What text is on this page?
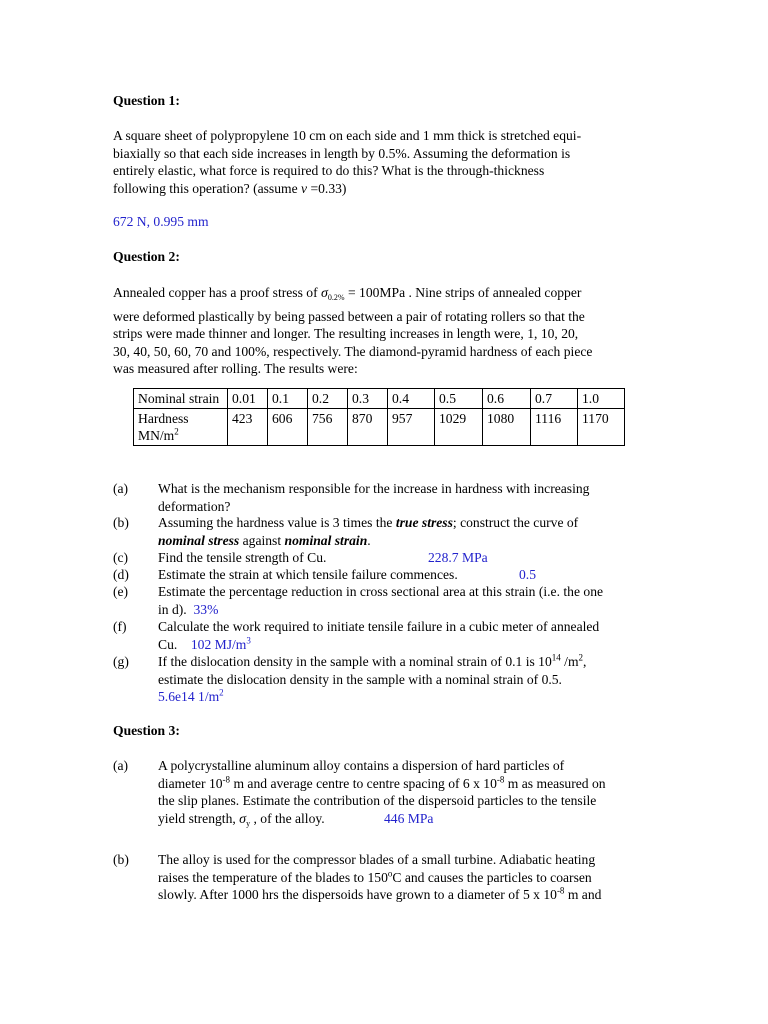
Question 1:
A square sheet of polypropylene 10 cm on each side and 1 mm thick is stretched equi-
biaxially so that each side increases in length by 0.5%. Assuming the deformation is
entirely elastic, what force is required to do this? What is the through-thickness
following this operation? (assume v =0.33)
672 N, 0.995 mm
Question 2:
Annealed copper has a proof stress of $\sigma_{0.2\%} = 100MPa$ . Nine strips of annealed copper
were deformed plastically by being passed between a pair of rotating rollers so that the
strips were made thinner and longer. The resulting increases in length were, 1, 10, 20,
30, 40, 50, 60, 70 and 100%, respectively. The diamond-pyramid hardness of each piece
was measured after rolling. The results were:
Nominal strain	0.01	0.1	0.2	0.3	0.4	0.5	0.6	0.7	1.0
Hardness $MN/m^2$	423	606	756	870	957	1029	1080	1116	1170
(a) What is the mechanism responsible for the increase in hardness with increasing
deformation?
(b) Assuming the hardness value is 3 times the true stress; construct the curve of
nominal stress against nominal strain.
(c) Find the tensile strength of Cu.	228.7 MPa
(d) Estimate the strain at which tensile failure commences.	0.5
(e) Estimate the percentage reduction in cross sectional area at this strain (i.e. the one
in d). 33%
(f) Calculate the work required to initiate tensile failure in a cubic meter of annealed
Cu. 102 $MJ/m^3$
(g) If the dislocation density in the sample with a nominal strain of 0.1 is $10^{14}$ $/m^2$,
estimate the dislocation density in the sample with a nominal strain of 0.5.
5.6e14 $1/m^2$
Question 3:
(a) A polycrystalline aluminum alloy contains a dispersion of hard particles of
diameter $10^{-8}$ m and average centre to centre spacing of 6 x $10^{-8}$ m as measured on
the slip planes. Estimate the contribution of the dispersoid particles to the tensile
yield strength, $\sigma_y$ , of the alloy.	446 MPa
(b) The alloy is used for the compressor blades of a small turbine. Adiabatic heating
raises the temperature of the blades to 150$^o$C and causes the particles to coarsen
slowly. After 1000 hrs the dispersoids have grown to a diameter of 5 x $10^{-8}$ m and
